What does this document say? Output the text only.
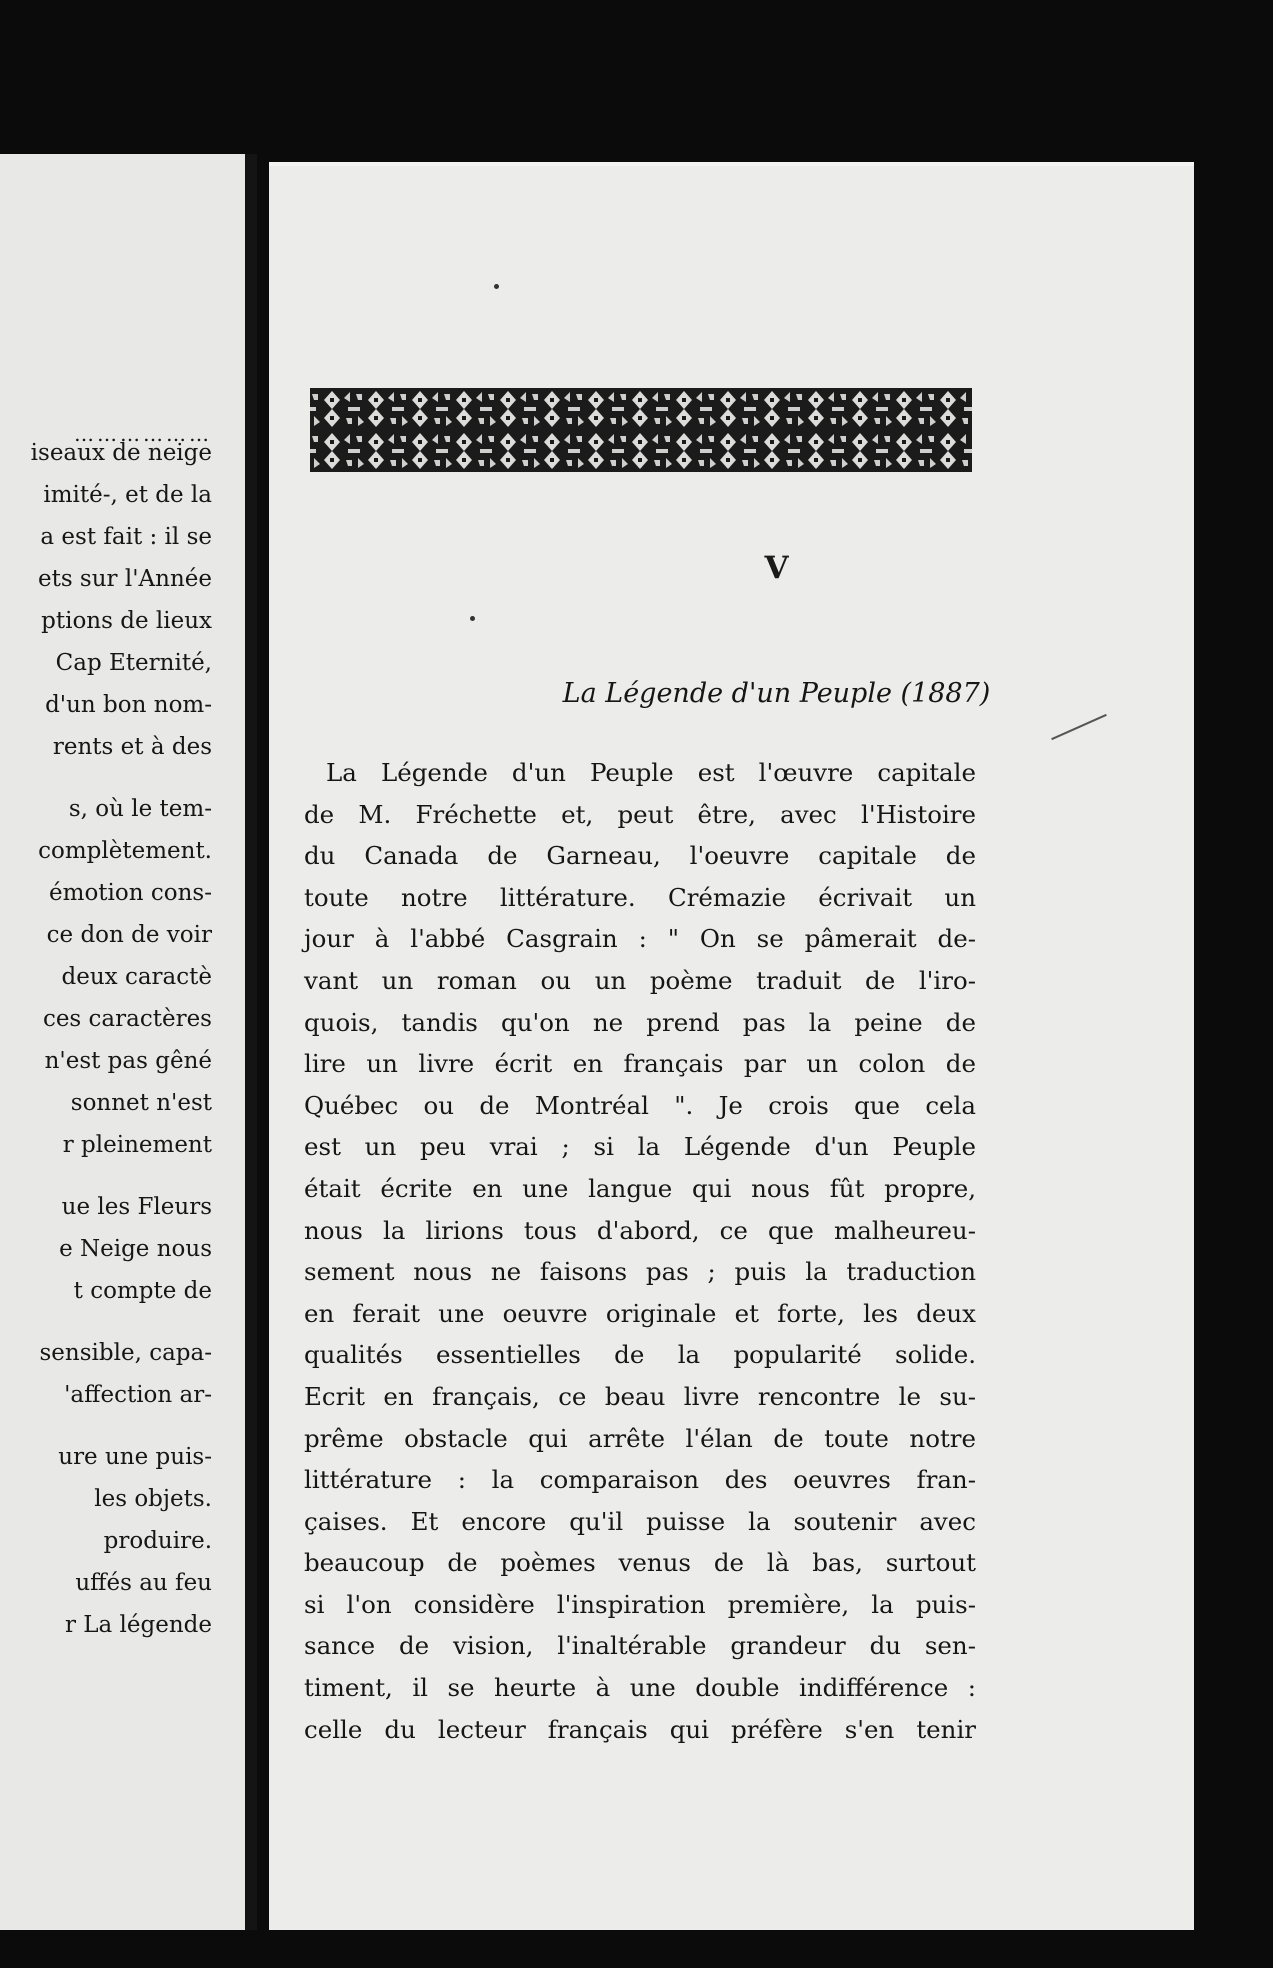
………………
iseaux de neige
imité-, et de la
a est fait : il se
ets sur l'Année
ptions de lieux
Cap Eternité,
d'un bon nom-
rents et à des
s, où le tem-
complètement.
émotion cons-
ce don de voir
deux caractè
ces caractères
n'est pas gêné
sonnet n'est
r pleinement
ue les Fleurs
e Neige nous
t compte de
sensible, capa-
'affection ar-
ure une puis-
les objets.
produire.
uffés au feu
r La légende
V
La Légende d'un Peuple (1887)
La Légende d'un Peuple est l'œuvre capitale
de M. Fréchette et, peut être, avec l'Histoire
du Canada de Garneau, l'oeuvre capitale de
toute notre littérature. Crémazie écrivait un
jour à l'abbé Casgrain : " On se pâmerait de-
vant un roman ou un poème traduit de l'iro-
quois, tandis qu'on ne prend pas la peine de
lire un livre écrit en français par un colon de
Québec ou de Montréal ". Je crois que cela
est un peu vrai ; si la Légende d'un Peuple
était écrite en une langue qui nous fût propre,
nous la lirions tous d'abord, ce que malheureu-
sement nous ne faisons pas ; puis la traduction
en ferait une oeuvre originale et forte, les deux
qualités essentielles de la popularité solide.
Ecrit en français, ce beau livre rencontre le su-
prême obstacle qui arrête l'élan de toute notre
littérature : la comparaison des oeuvres fran-
çaises. Et encore qu'il puisse la soutenir avec
beaucoup de poèmes venus de là bas, surtout
si l'on considère l'inspiration première, la puis-
sance de vision, l'inaltérable grandeur du sen-
timent, il se heurte à une double indifférence :
celle du lecteur français qui préfère s'en tenir
